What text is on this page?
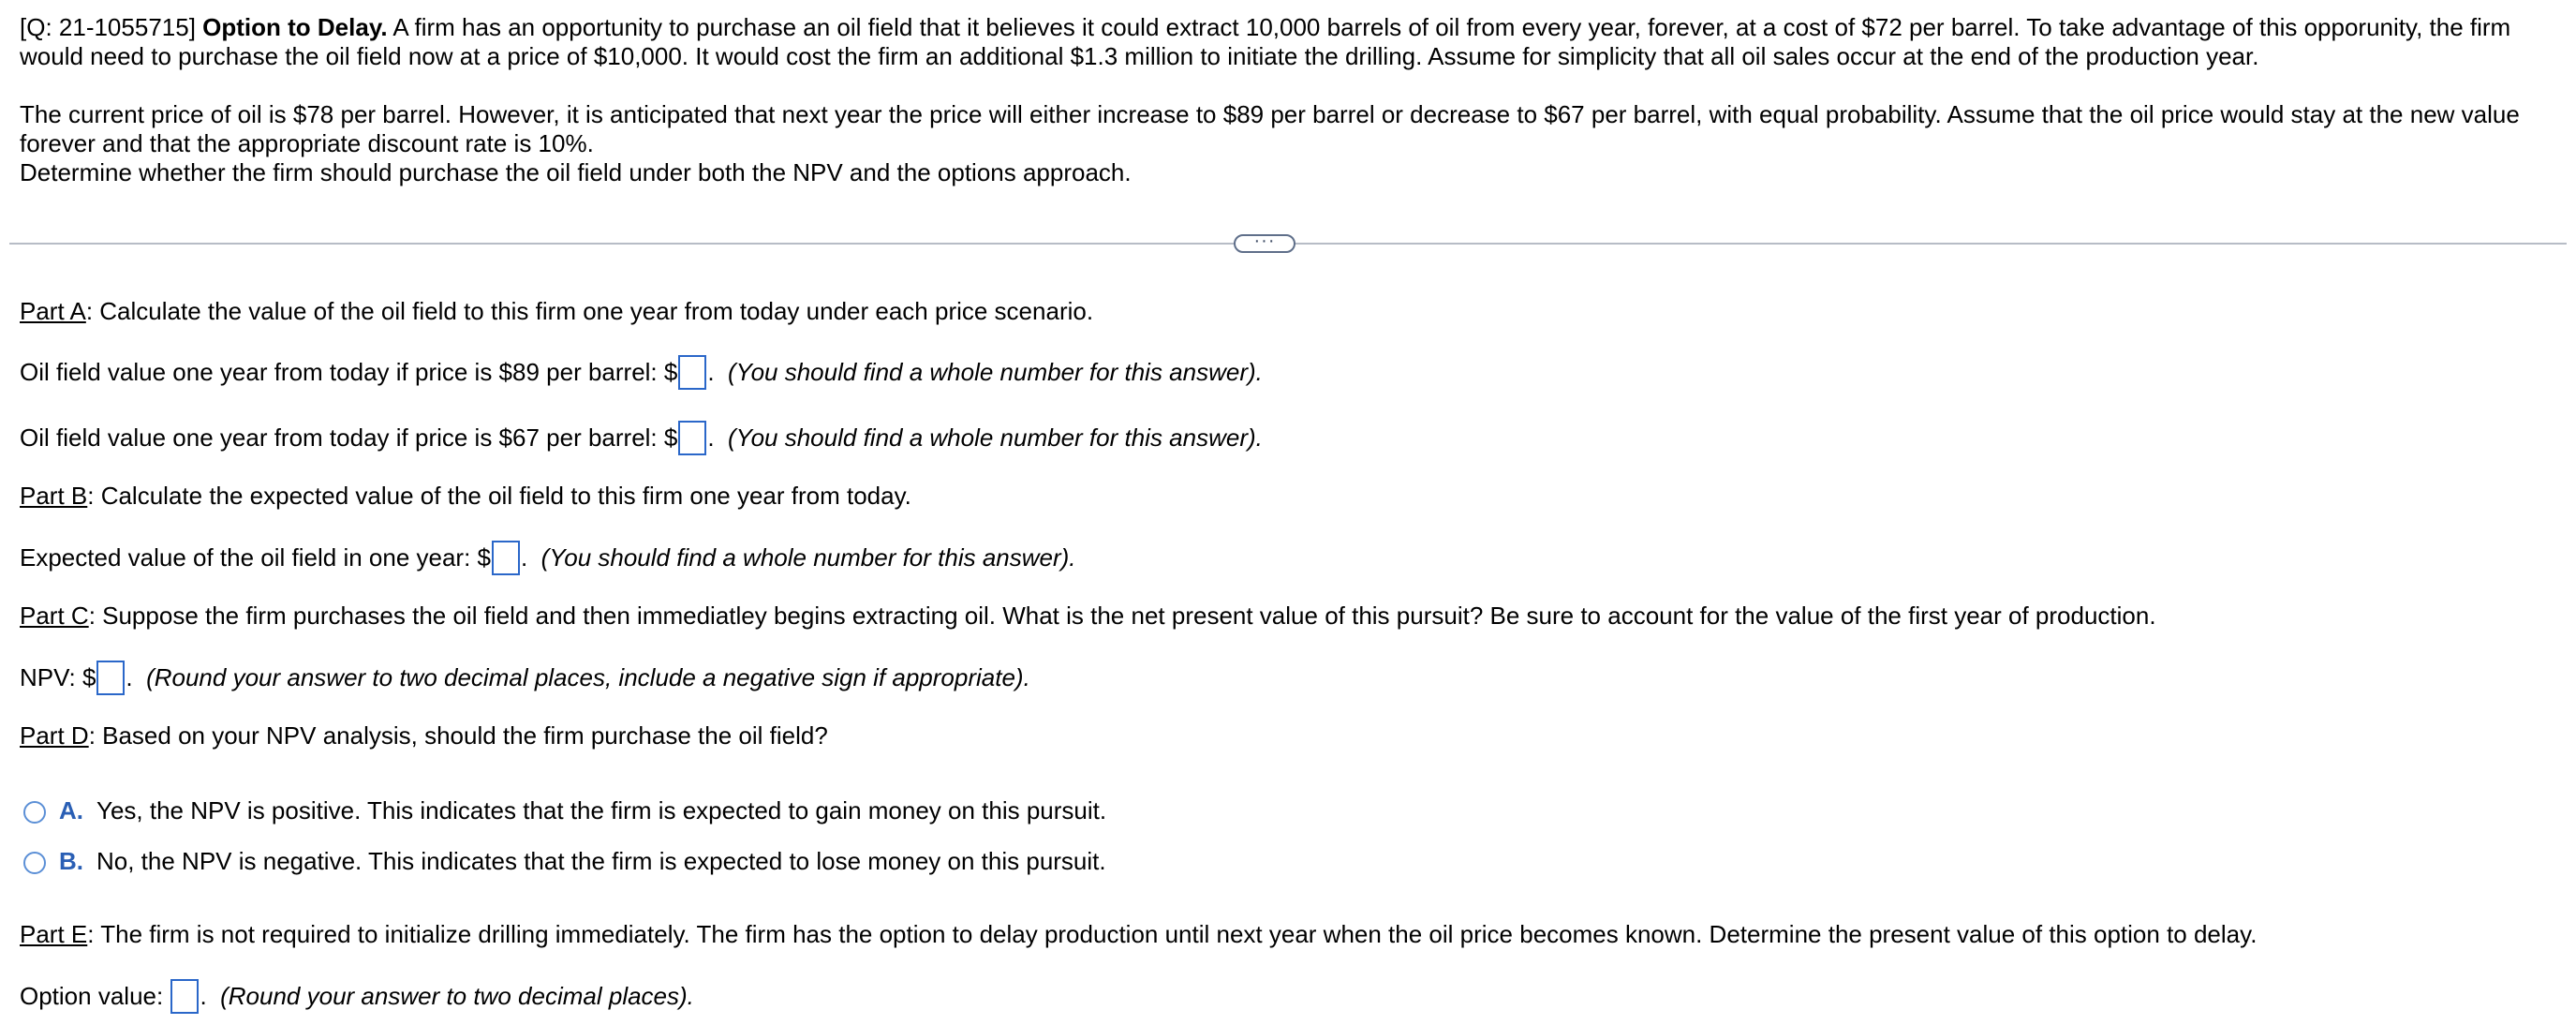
[Q: 21-1055715] Option to Delay. A firm has an opportunity to purchase an oil field that it believes it could extract 10,000 barrels of oil from every year, forever, at a cost of $72 per barrel. To take advantage of this opporunity, the firm would need to purchase the oil field now at a price of $10,000. It would cost the firm an additional $1.3 million to initiate the drilling. Assume for simplicity that all oil sales occur at the end of the production year.

The current price of oil is $78 per barrel. However, it is anticipated that next year the price will either increase to $89 per barrel or decrease to $67 per barrel, with equal probability. Assume that the oil price would stay at the new value forever and that the appropriate discount rate is 10%.

Determine whether the firm should purchase the oil field under both the NPV and the options approach.

···
Part A: Calculate the value of the oil field to this firm one year from today under each price scenario.
Oil field value one year from today if price is $89 per barrel: $ .  (You should find a whole number for this answer).
Oil field value one year from today if price is $67 per barrel: $ .  (You should find a whole number for this answer).
Part B: Calculate the expected value of the oil field to this firm one year from today.
Expected value of the oil field in one year: $ .  (You should find a whole number for this answer).
Part C: Suppose the firm purchases the oil field and then immediatley begins extracting oil. What is the net present value of this pursuit? Be sure to account for the value of the first year of production.
NPV: $ .  (Round your answer to two decimal places, include a negative sign if appropriate).
Part D: Based on your NPV analysis, should the firm purchase the oil field?
A. Yes, the NPV is positive. This indicates that the firm is expected to gain money on this pursuit.
B. No, the NPV is negative. This indicates that the firm is expected to lose money on this pursuit.
Part E: The firm is not required to initialize drilling immediately. The firm has the option to delay production until next year when the oil price becomes known. Determine the present value of this option to delay.
Option value: .  (Round your answer to two decimal places).
